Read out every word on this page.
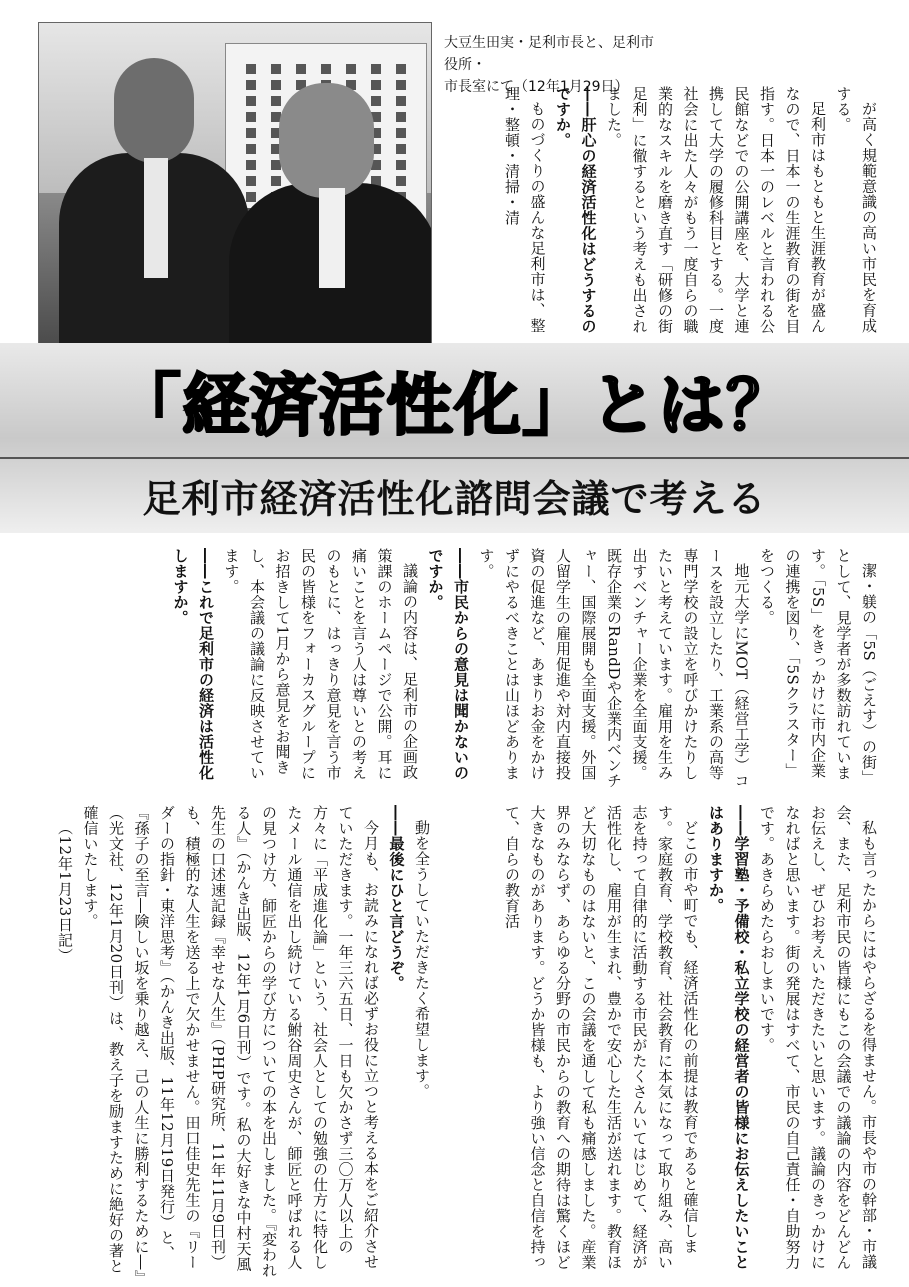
大豆生田実・足利市長と、足利市役所・
市長室にて（12年1月29日）

が高く規範意識の高い市民を育成する。

足利市はもともと生涯教育が盛んなので、日本一の生涯教育の街を目指す。日本一のレベルと言われる公民館などでの公開講座を、大学と連携して大学の履修科目とする。一度社会に出た人々がもう一度自らの職業的なスキルを磨き直す「研修の街 足利」に徹するという考えも出されました。

――肝心の経済活性化はどうするのですか。

ものづくりの盛んな足利市は、整理・整頓・清掃・清

「経済活性化」とは？
足利市経済活性化諮問会議で考える

潔・躾の「5S（ごえす）の街」として、見学者が多数訪れています。「5S」をきっかけに市内企業の連携を図り、「5Sクラスター」をつくる。

地元大学にMOT（経営工学）コースを設立したり、工業系の高等専門学校の設立を呼びかけたりしたいと考えています。雇用を生み出すベンチャー企業を全面支援。既存企業のRandDや企業内ベンチャー、国際展開も全面支援。外国人留学生の雇用促進や対内直接投資の促進など、あまりお金をかけずにやるべきことは山ほどあります。

――市民からの意見は聞かないのですか。

議論の内容は、足利市の企画政策課のホームページで公開。耳に痛いことを言う人は尊いとの考えのもとに、はっきり意見を言う市民の皆様をフォーカスグループにお招きして1月から意見をお聞きし、本会議の議論に反映させています。

――これで足利市の経済は活性化しますか。

私も言ったからにはやらざるを得ません。市長や市の幹部・市議会、また、足利市民の皆様にもこの会議での議論の内容をどんどんお伝えし、ぜひお考えいただきたいと思います。議論のきっかけになればと思います。街の発展はすべて、市民の自己責任・自助努力です。あきらめたらおしまいです。

――学習塾・予備校・私立学校の経営者の皆様にお伝えしたいことはありますか。

どこの市や町でも、経済活性化の前提は教育であると確信します。家庭教育、学校教育、社会教育に本気になって取り組み、高い志を持って自律的に活動する市民がたくさんいてはじめて、経済が活性化し、雇用が生まれ、豊かで安心した生活が送れます。教育ほど大切なものはないと、この会議を通して私も痛感しました。産業界のみならず、あらゆる分野の市民からの教育への期待は驚くほど大きなものがあります。どうか皆様も、より強い信念と自信を持って、自らの教育活

動を全うしていただきたく希望します。

――最後にひと言どうぞ。

今月も、お読みになれば必ずお役に立つと考える本をご紹介させていただきます。一年三六五日、一日も欠かさず三〇万人以上の方々に「平成進化論」という、社会人としての勉強の仕方に特化したメール通信を出し続けている鮒谷周史さんが、師匠と呼ばれる人の見つけ方、師匠からの学び方についての本を出しました。『変われる人』（かんき出版、12年1月6日刊）です。私の大好きな中村天風先生の口述速記録『幸せな人生』（PHP研究所、11年11月9日刊）も、積極的な人生を送る上で欠かせません。田口佳史先生の『リーダーの指針・東洋思考』（かんき出版、11年12月19日発行）と、『孫子の至言―険しい坂を乗り越え、己の人生に勝利するために―』（光文社、12年1月20日刊）は、教え子を励ますために絶好の著と確信いたします。

（12年1月23日記）
